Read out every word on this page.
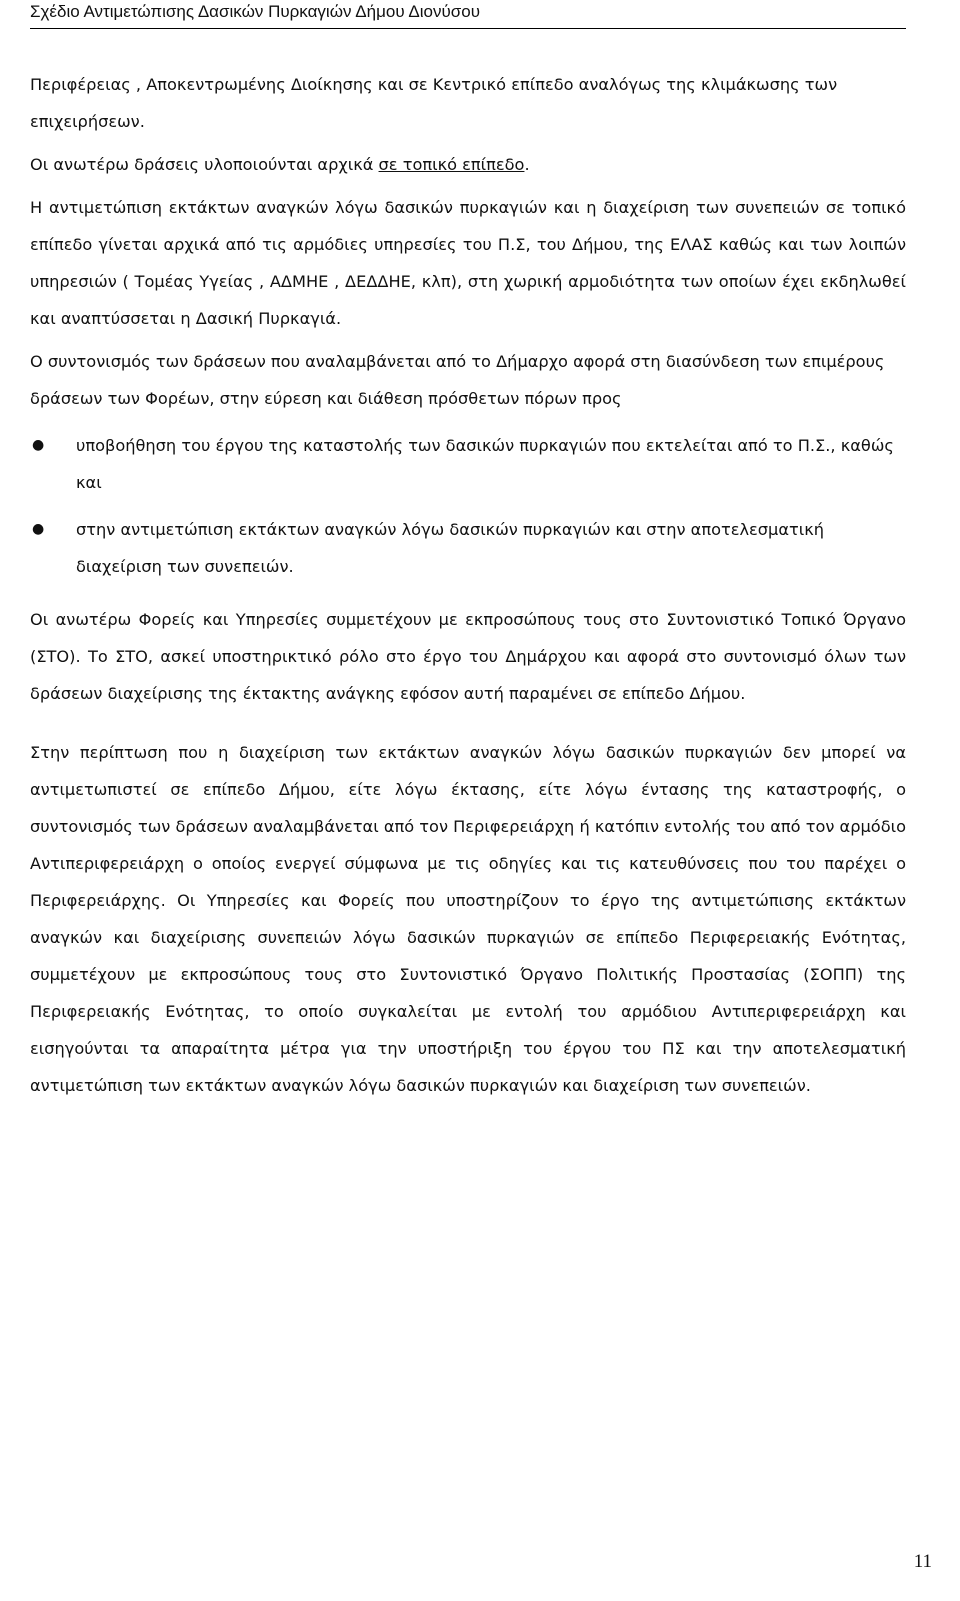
Σχέδιο Αντιμετώπισης Δασικών Πυρκαγιών Δήμου Διονύσου

Περιφέρειας , Αποκεντρωμένης Διοίκησης και σε Κεντρικό επίπεδο αναλόγως της κλιμάκωσης των επιχειρήσεων.

Οι ανωτέρω δράσεις υλοποιούνται αρχικά σε τοπικό επίπεδο.

Η αντιμετώπιση εκτάκτων αναγκών λόγω δασικών πυρκαγιών και η διαχείριση των συνεπειών σε τοπικό επίπεδο γίνεται αρχικά από τις αρμόδιες υπηρεσίες του Π.Σ, του Δήμου, της ΕΛΑΣ καθώς και των λοιπών υπηρεσιών ( Τομέας Υγείας , ΑΔΜΗΕ , ΔΕΔΔΗΕ, κλπ), στη χωρική αρμοδιότητα των οποίων έχει εκδηλωθεί και αναπτύσσεται η Δασική Πυρκαγιά.

Ο συντονισμός των δράσεων που αναλαμβάνεται από το Δήμαρχο αφορά στη διασύνδεση των επιμέρους δράσεων των Φορέων, στην εύρεση και διάθεση πρόσθετων πόρων προς

● υποβοήθηση του έργου της καταστολής των δασικών πυρκαγιών που εκτελείται από το Π.Σ., καθώς και
● στην αντιμετώπιση εκτάκτων αναγκών λόγω δασικών πυρκαγιών και στην αποτελεσματική διαχείριση των συνεπειών.

Οι ανωτέρω Φορείς και Υπηρεσίες συμμετέχουν με εκπροσώπους τους στο Συντονιστικό Τοπικό Όργανο (ΣΤΟ). Το ΣΤΟ, ασκεί υποστηρικτικό ρόλο στο έργο του Δημάρχου και αφορά στο συντονισμό όλων των δράσεων διαχείρισης της έκτακτης ανάγκης εφόσον αυτή παραμένει σε επίπεδο Δήμου.

Στην περίπτωση που η διαχείριση των εκτάκτων αναγκών λόγω δασικών πυρκαγιών δεν μπορεί να αντιμετωπιστεί σε επίπεδο Δήμου, είτε λόγω έκτασης, είτε λόγω έντασης της καταστροφής, ο συντονισμός των δράσεων αναλαμβάνεται από τον Περιφερειάρχη ή κατόπιν εντολής του από τον αρμόδιο Αντιπεριφερειάρχη ο οποίος ενεργεί σύμφωνα με τις οδηγίες και τις κατευθύνσεις που του παρέχει ο Περιφερειάρχης. Οι Υπηρεσίες και Φορείς που υποστηρίζουν το έργο της αντιμετώπισης εκτάκτων αναγκών και διαχείρισης συνεπειών λόγω δασικών πυρκαγιών σε επίπεδο Περιφερειακής Ενότητας, συμμετέχουν με εκπροσώπους τους στο Συντονιστικό Όργανο Πολιτικής Προστασίας (ΣΟΠΠ) της Περιφερειακής Ενότητας, το οποίο συγκαλείται με εντολή του αρμόδιου Αντιπεριφερειάρχη και εισηγούνται τα απαραίτητα μέτρα για την υποστήριξη του έργου του ΠΣ και την αποτελεσματική αντιμετώπιση των εκτάκτων αναγκών λόγω δασικών πυρκαγιών και διαχείριση των συνεπειών.

11
